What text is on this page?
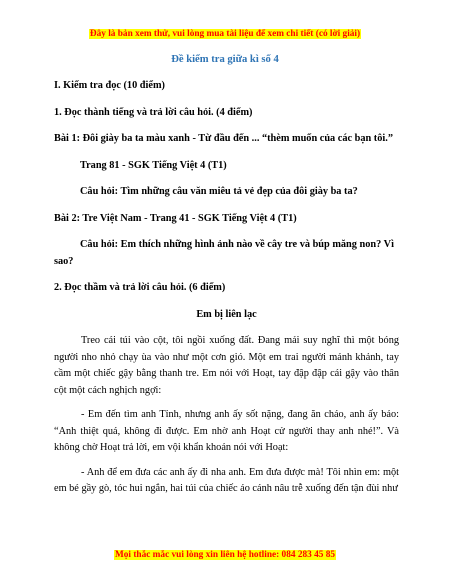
Đây là bản xem thử, vui lòng mua tài liệu để xem chi tiết (có lời giải)
Đề kiểm tra giữa kì số 4
I. Kiểm tra đọc (10 điểm)
1. Đọc thành tiếng và trả lời câu hỏi. (4 điểm)
Bài 1: Đôi giày ba ta màu xanh - Từ đầu đến ... “thèm muốn của các bạn tôi.”
Trang 81 - SGK Tiếng Việt 4 (T1)
Câu hỏi: Tìm những câu văn miêu tả vẻ đẹp của đôi giày ba ta?
Bài 2: Tre Việt Nam - Trang 41 - SGK Tiếng Việt 4 (T1)
Câu hỏi: Em thích những hình ảnh nào về cây tre và búp măng non? Vì sao?
2. Đọc thầm và trả lời câu hỏi. (6 điểm)
Em bị liên lạc
Treo cái túi vào cột, tôi ngồi xuống đất. Đang mải suy nghĩ thì một bóng người nho nhỏ chạy ùa vào như một cơn gió. Một em trai người mảnh khảnh, tay cầm một chiếc gậy bằng thanh tre. Em nói với Hoạt, tay đập đập cái gậy vào thân cột một cách nghịch ngợi:
- Em đến tìm anh Tỉnh, nhưng anh ấy sốt nặng, đang ăn cháo, anh ấy bảo: “Anh thiệt quá, không đi được. Em nhờ anh Hoạt cử người thay anh nhé!”. Và không chờ Hoạt trả lời, em vội khẩn khoản nói với Hoạt:
- Anh để em đưa các anh ấy đi nha anh. Em đưa được mà! Tôi nhìn em: một em bé gầy gò, tóc hui ngắn, hai túi của chiếc áo cánh nâu trễ xuống đến tận đùi như
Mọi thắc mắc vui lòng xin liên hệ hotline: 084 283 45 85
